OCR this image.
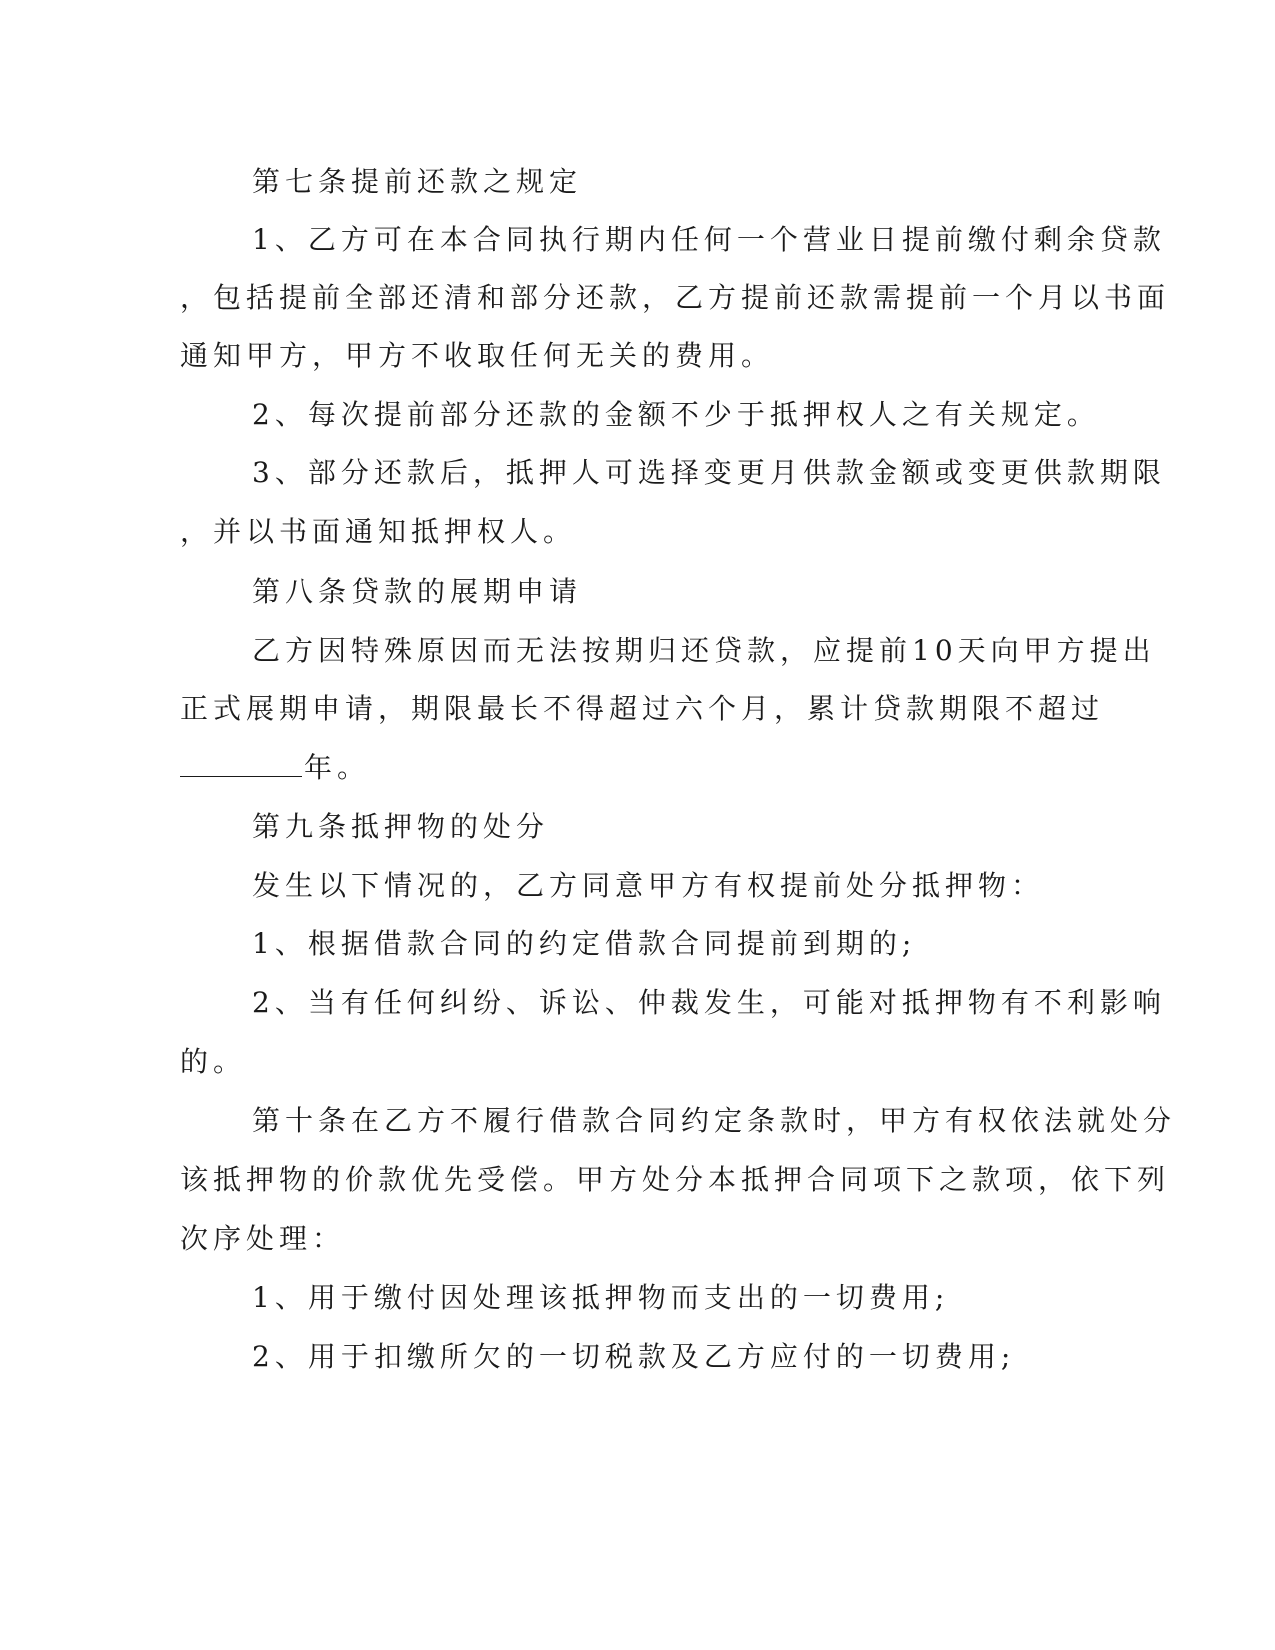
第七条提前还款之规定
1、乙方可在本合同执行期内任何一个营业日提前缴付剩余贷款
，包括提前全部还清和部分还款，乙方提前还款需提前一个月以书面
通知甲方，甲方不收取任何无关的费用。
2、每次提前部分还款的金额不少于抵押权人之有关规定。
3、部分还款后，抵押人可选择变更月供款金额或变更供款期限
，并以书面通知抵押权人。
第八条贷款的展期申请
乙方因特殊原因而无法按期归还贷款，应提前10天向甲方提出
正式展期申请，期限最长不得超过六个月，累计贷款期限不超过
年。
第九条抵押物的处分
发生以下情况的，乙方同意甲方有权提前处分抵押物：
1、根据借款合同的约定借款合同提前到期的;
2、当有任何纠纷、诉讼、仲裁发生，可能对抵押物有不利影响
的。
第十条在乙方不履行借款合同约定条款时，甲方有权依法就处分
该抵押物的价款优先受偿。甲方处分本抵押合同项下之款项，依下列
次序处理：
1、用于缴付因处理该抵押物而支出的一切费用;
2、用于扣缴所欠的一切税款及乙方应付的一切费用;
